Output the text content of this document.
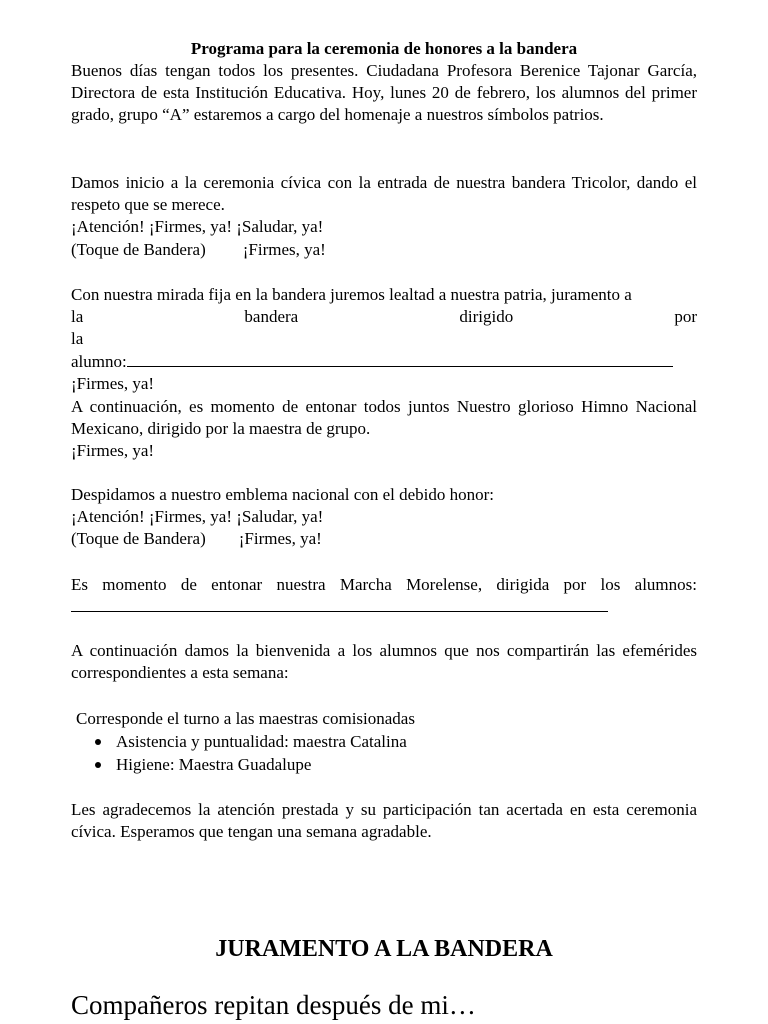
Programa para la ceremonia de honores a la bandera
Buenos días tengan todos los presentes. Ciudadana Profesora Berenice Tajonar García, Directora de esta Institución Educativa. Hoy, lunes 20 de febrero, los alumnos del primer grado, grupo “A” estaremos a cargo del homenaje a nuestros símbolos patrios.
Damos inicio a la ceremonia cívica con la entrada de nuestra bandera Tricolor, dando el respeto que se merece.
¡Atención! ¡Firmes, ya! ¡Saludar, ya!
(Toque de Bandera) ¡Firmes, ya!
Con nuestra mirada fija en la bandera juremos lealtad a nuestra patria, juramento a
la bandera dirigido por la
alumno:
¡Firmes, ya!
A continuación, es momento de entonar todos juntos Nuestro glorioso Himno Nacional Mexicano, dirigido por la maestra de grupo.
¡Firmes, ya!
Despidamos a nuestro emblema nacional con el debido honor:
¡Atención! ¡Firmes, ya! ¡Saludar, ya!
(Toque de Bandera) ¡Firmes, ya!
Es momento de entonar nuestra Marcha Morelense, dirigida por los alumnos:
A continuación damos la bienvenida a los alumnos que nos compartirán las efemérides correspondientes a esta semana:
Corresponde el turno a las maestras comisionadas
Asistencia y puntualidad: maestra Catalina
Higiene: Maestra Guadalupe
Les agradecemos la atención prestada y su participación tan acertada en esta ceremonia cívica. Esperamos que tengan una semana agradable.
JURAMENTO A LA BANDERA
Compañeros repitan después de mi…
